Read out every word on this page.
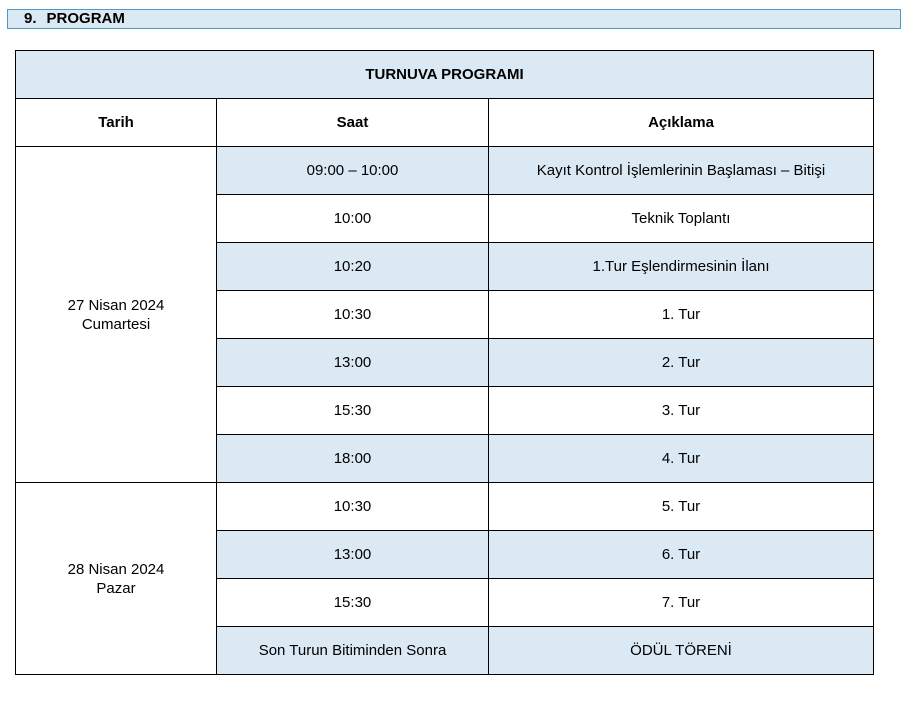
9. PROGRAM
TURNUVA PROGRAMI		
Tarih	Saat	Açıklama

27 Nisan 2024
Cumartesi	09:00 – 10:00	Kayıt Kontrol İşlemlerinin Başlaması – Bitişi
	10:00	Teknik Toplantı
	10:20	1.Tur Eşlendirmesinin İlanı
	10:30	1. Tur
	13:00	2. Tur
	15:30	3. Tur
	18:00	4. Tur

28 Nisan 2024
Pazar	10:30	5. Tur
	13:00	6. Tur
	15:30	7. Tur
	Son Turun Bitiminden Sonra	ÖDÜL TÖRENİ
